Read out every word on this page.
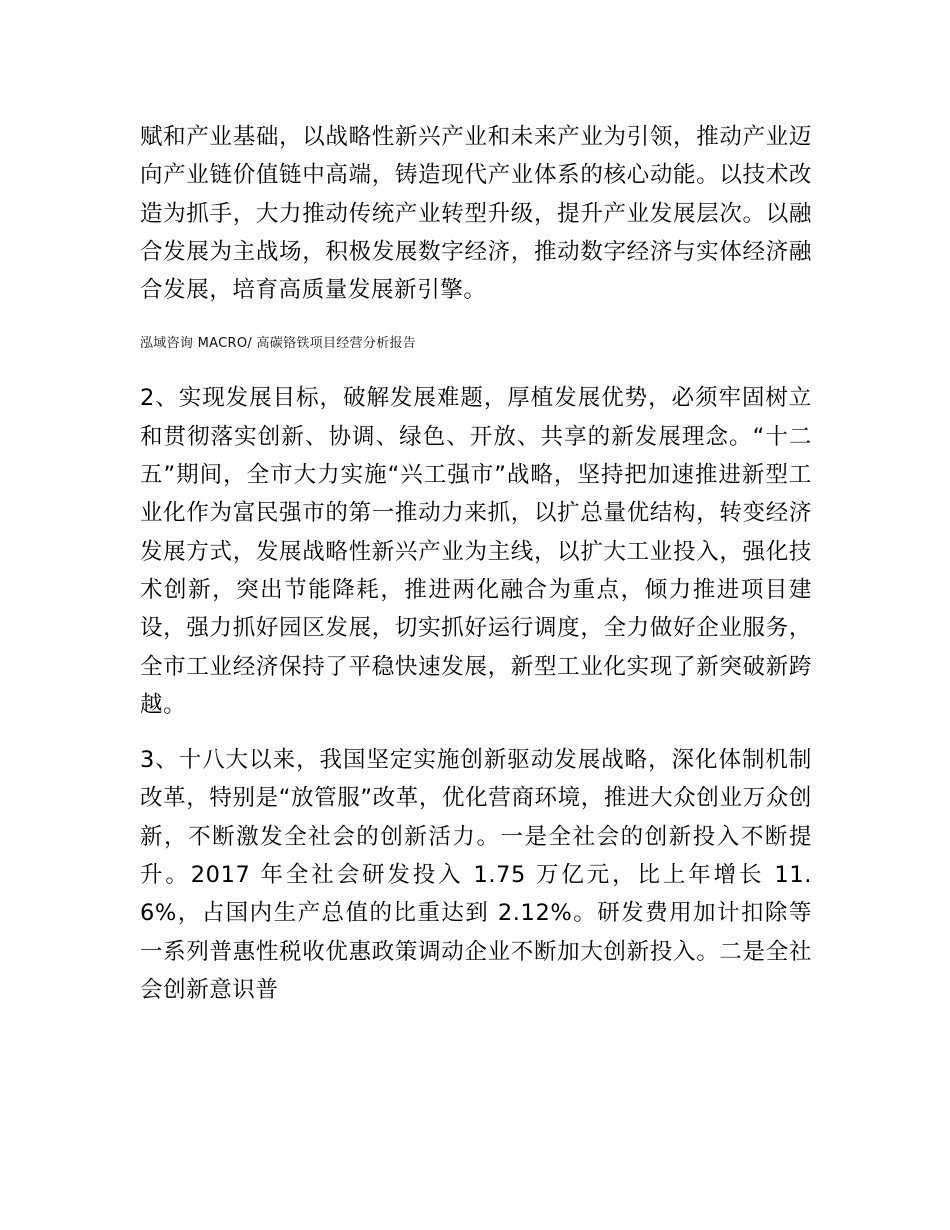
赋和产业基础，以战略性新兴产业和未来产业为引领，推动产业迈向产业链价值链中高端，铸造现代产业体系的核心动能。以技术改造为抓手，大力推动传统产业转型升级，提升产业发展层次。以融合发展为主战场，积极发展数字经济，推动数字经济与实体经济融合发展，培育高质量发展新引擎。

泓域咨询 MACRO/ 高碳铬铁项目经营分析报告

2、实现发展目标，破解发展难题，厚植发展优势，必须牢固树立和贯彻落实创新、协调、绿色、开放、共享的新发展理念。“十二五”期间，全市大力实施“兴工强市”战略，坚持把加速推进新型工业化作为富民强市的第一推动力来抓，以扩总量优结构，转变经济发展方式，发展战略性新兴产业为主线，以扩大工业投入，强化技术创新，突出节能降耗，推进两化融合为重点，倾力推进项目建设，强力抓好园区发展，切实抓好运行调度，全力做好企业服务，全市工业经济保持了平稳快速发展，新型工业化实现了新突破新跨越。

3、十八大以来，我国坚定实施创新驱动发展战略，深化体制机制改革，特别是“放管服”改革，优化营商环境，推进大众创业万众创新，不断激发全社会的创新活力。一是全社会的创新投入不断提升。2017 年全社会研发投入 1.75 万亿元，比上年增长 11.6%，占国内生产总值的比重达到 2.12%。研发费用加计扣除等一系列普惠性税收优惠政策调动企业不断加大创新投入。二是全社会创新意识普
